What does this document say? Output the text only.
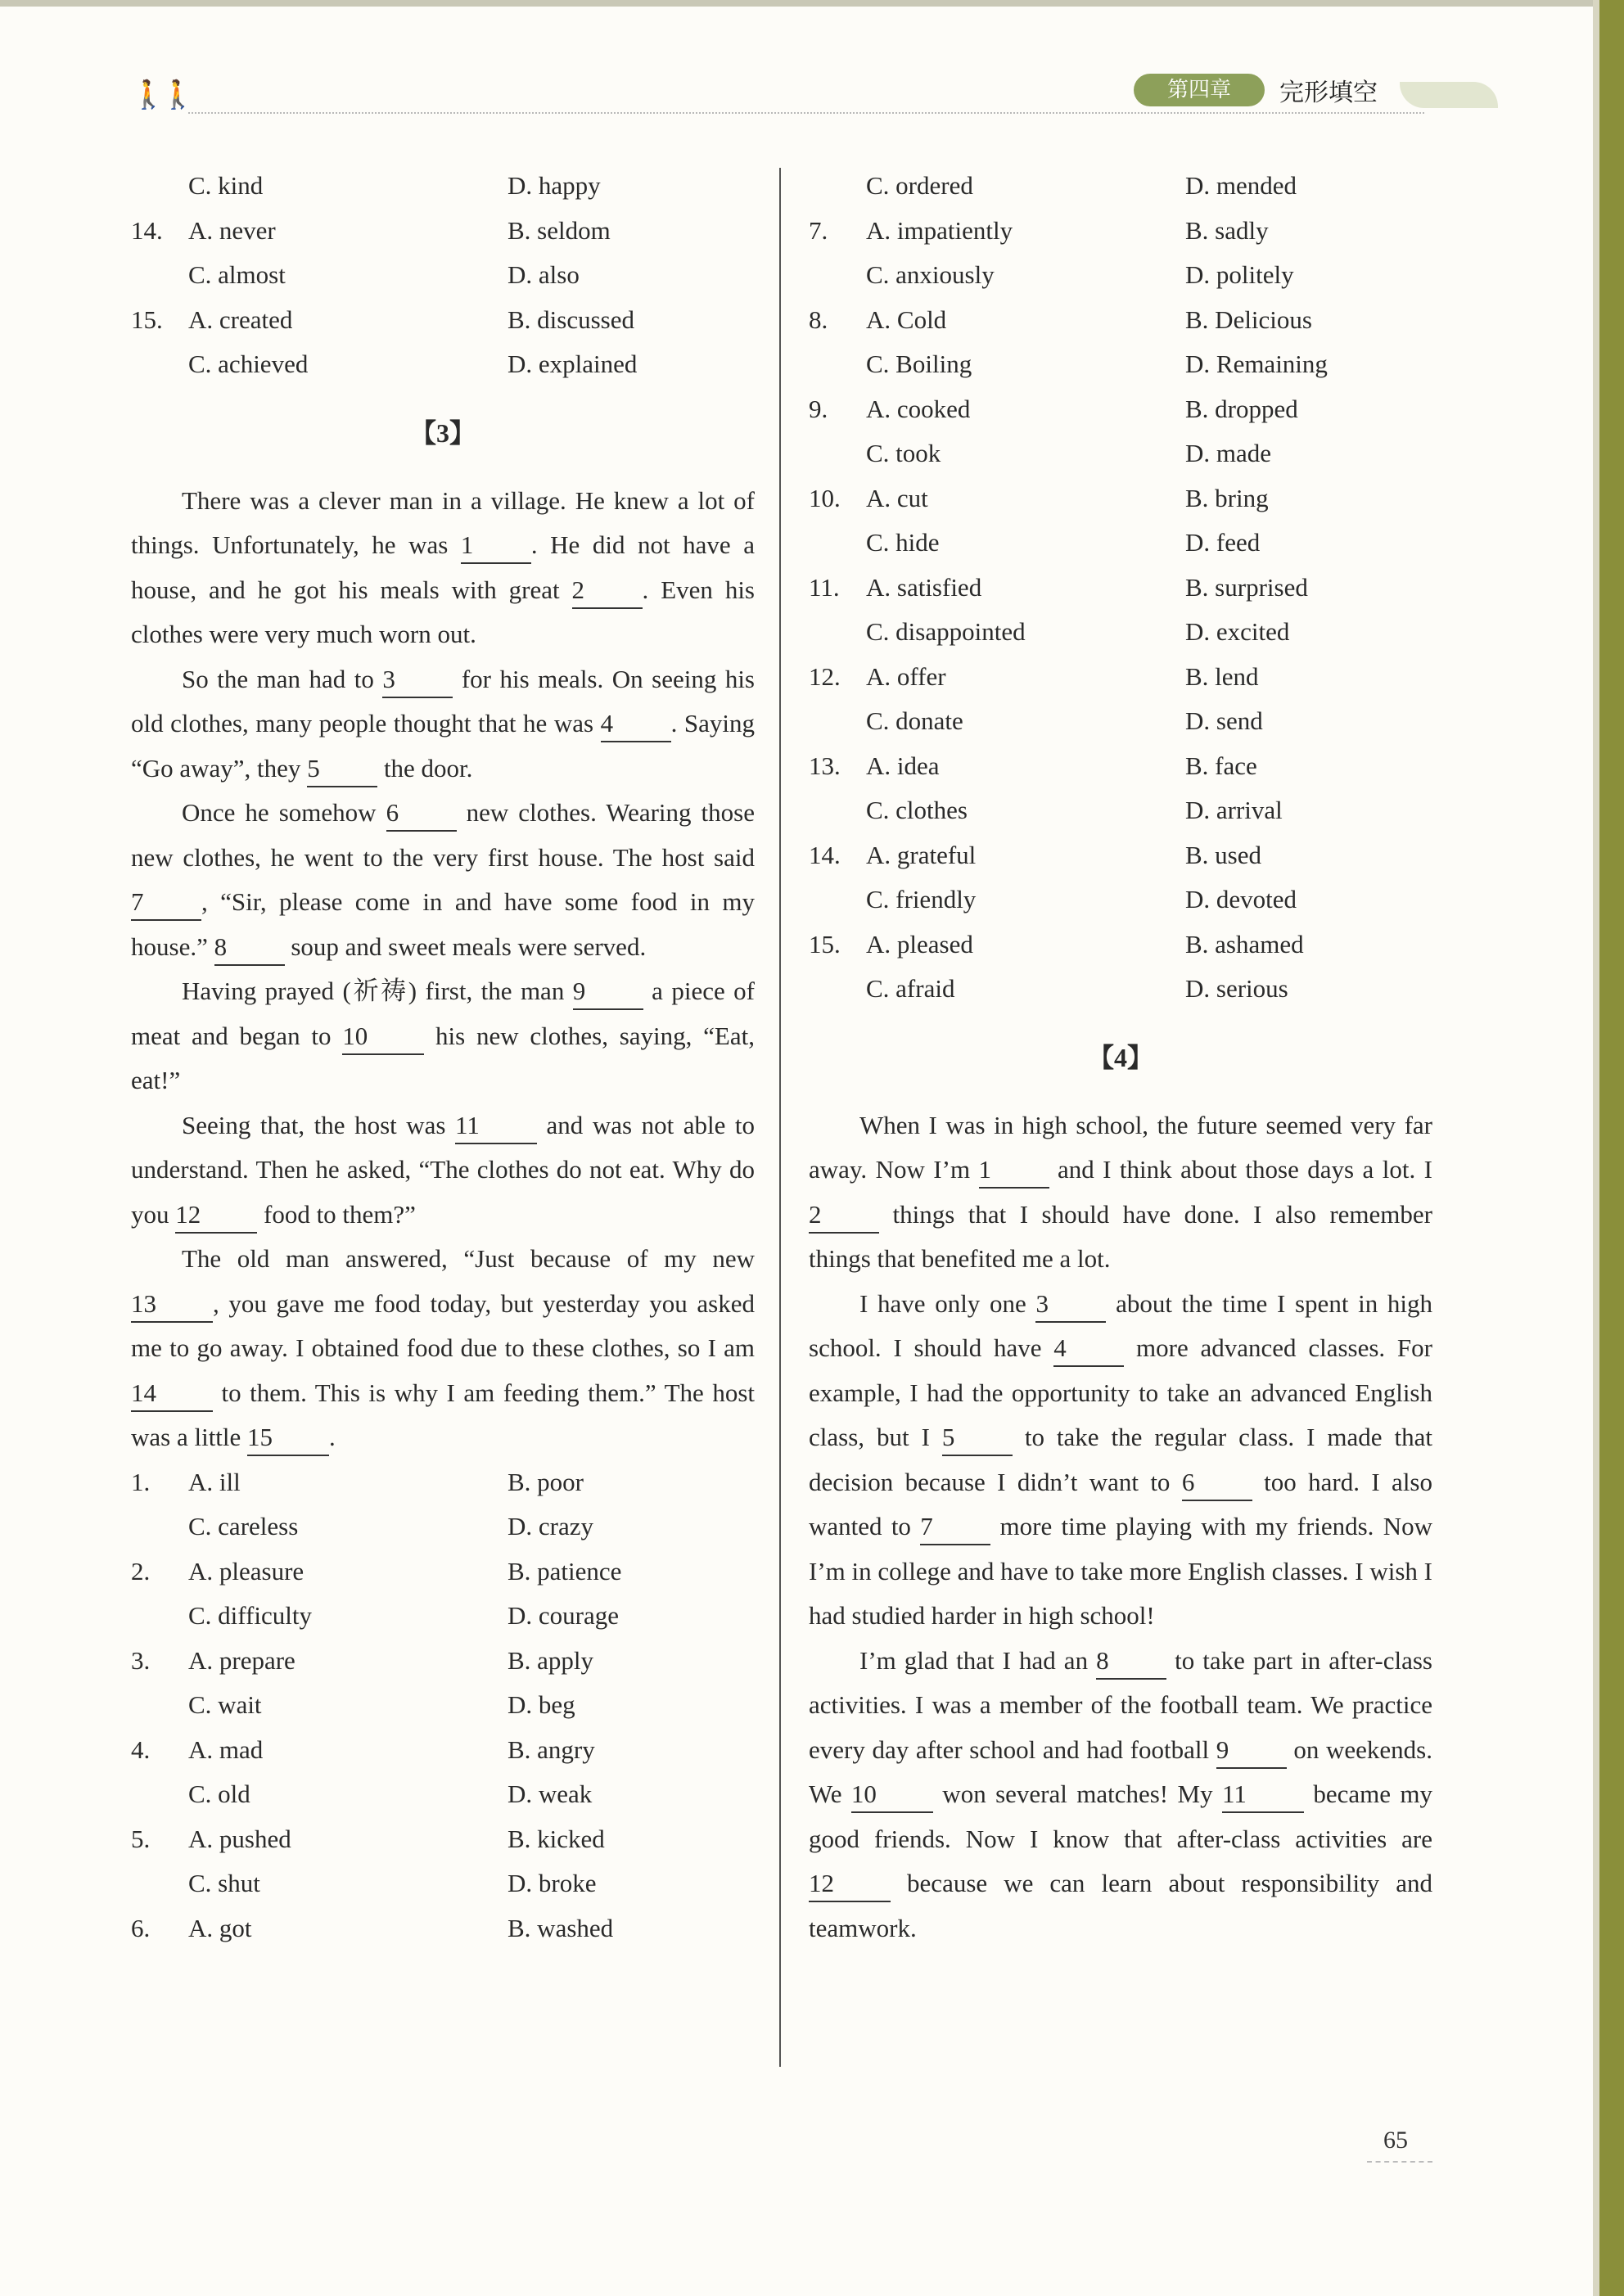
🚶🚶	第四章	完形填空
C. kind	D. happy
14. A. never	B. seldom
C. almost	D. also
15. A. created	B. discussed
C. achieved	D. explained
【3】

There was a clever man in a village. He knew a lot of things. Unfortunately, he was 1 . He did not have a house, and he got his meals with great 2 . Even his clothes were very much worn out.

So the man had to 3 for his meals. On seeing his old clothes, many people thought that he was 4 . Saying “Go away”, they 5 the door.

Once he somehow 6 new clothes. Wearing those new clothes, he went to the very first house. The host said 7 , “Sir, please come in and have some food in my house.” 8 soup and sweet meals were served.

Having prayed (祈祷) first, the man 9 a piece of meat and began to 10 his new clothes, saying, “Eat, eat!”

Seeing that, the host was 11 and was not able to understand. Then he asked, “The clothes do not eat. Why do you 12 food to them?”

The old man answered, “Just because of my new 13 , you gave me food today, but yesterday you asked me to go away. I obtained food due to these clothes, so I am 14 to them. This is why I am feeding them.” The host was a little 15 .

1. A. ill	B. poor
C. careless	D. crazy
2. A. pleasure	B. patience
C. difficulty	D. courage
3. A. prepare	B. apply
C. wait	D. beg
4. A. mad	B. angry
C. old	D. weak
5. A. pushed	B. kicked
C. shut	D. broke
6. A. got	B. washed
C. ordered	D. mended
7. A. impatiently	B. sadly
C. anxiously	D. politely
8. A. Cold	B. Delicious
C. Boiling	D. Remaining
9. A. cooked	B. dropped
C. took	D. made
10. A. cut	B. bring
C. hide	D. feed
11. A. satisfied	B. surprised
C. disappointed	D. excited
12. A. offer	B. lend
C. donate	D. send
13. A. idea	B. face
C. clothes	D. arrival
14. A. grateful	B. used
C. friendly	D. devoted
15. A. pleased	B. ashamed
C. afraid	D. serious
【4】

When I was in high school, the future seemed very far away. Now I’m 1 and I think about those days a lot. I 2 things that I should have done. I also remember things that benefited me a lot.

I have only one 3 about the time I spent in high school. I should have 4 more advanced classes. For example, I had the opportunity to take an advanced English class, but I 5 to take the regular class. I made that decision because I didn’t want to 6 too hard. I also wanted to 7 more time playing with my friends. Now I’m in college and have to take more English classes. I wish I had studied harder in high school!

I’m glad that I had an 8 to take part in after-class activities. I was a member of the football team. We practice every day after school and had football 9 on weekends. We 10 won several matches! My 11 became my good friends. Now I know that after-class activities are 12 because we can learn about responsibility and teamwork.

65
